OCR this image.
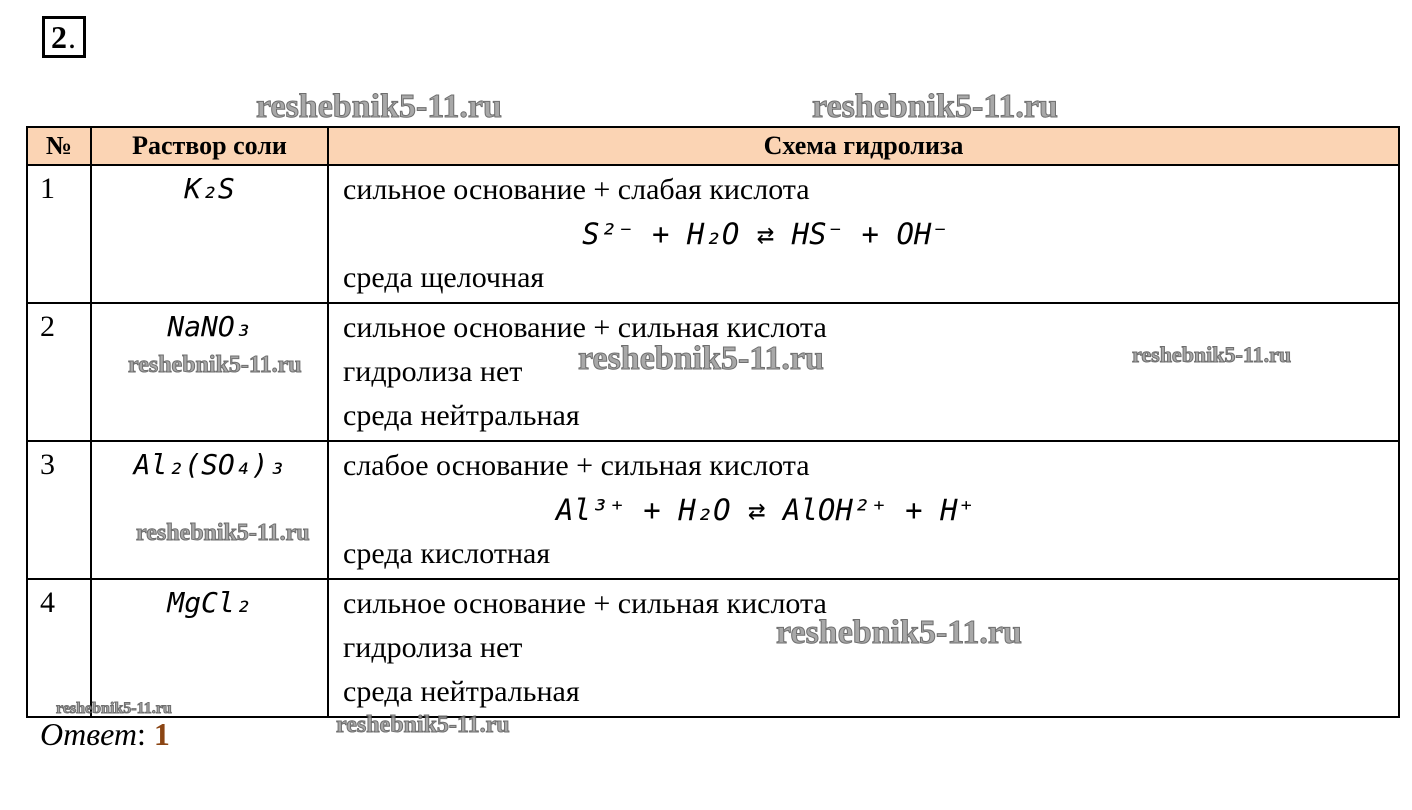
2 .
№	Раствор соли	Схема гидролиза
1	K₂S	сильное основание + слабая кислота
S²⁻ + H₂O ⇄ HS⁻ + OH⁻
среда щелочная

2	NaNO₃	сильное основание + сильная кислота
гидролиза нет
среда нейтральная

3	Al₂(SO₄)₃	слабое основание + сильная кислота
Al³⁺ + H₂O ⇄ AlOH²⁺ + H⁺
среда кислотная

4	MgCl₂	сильное основание + сильная кислота
гидролиза нет
среда нейтральная
Ответ: 1
reshebnik5-11.ru	reshebnik5-11.ru
reshebnik5-11.ru	reshebnik5-11.ru	reshebnik5-11.ru
reshebnik5-11.ru
reshebnik5-11.ru
reshebnik5-11.ru
reshebnik5-11.ru
